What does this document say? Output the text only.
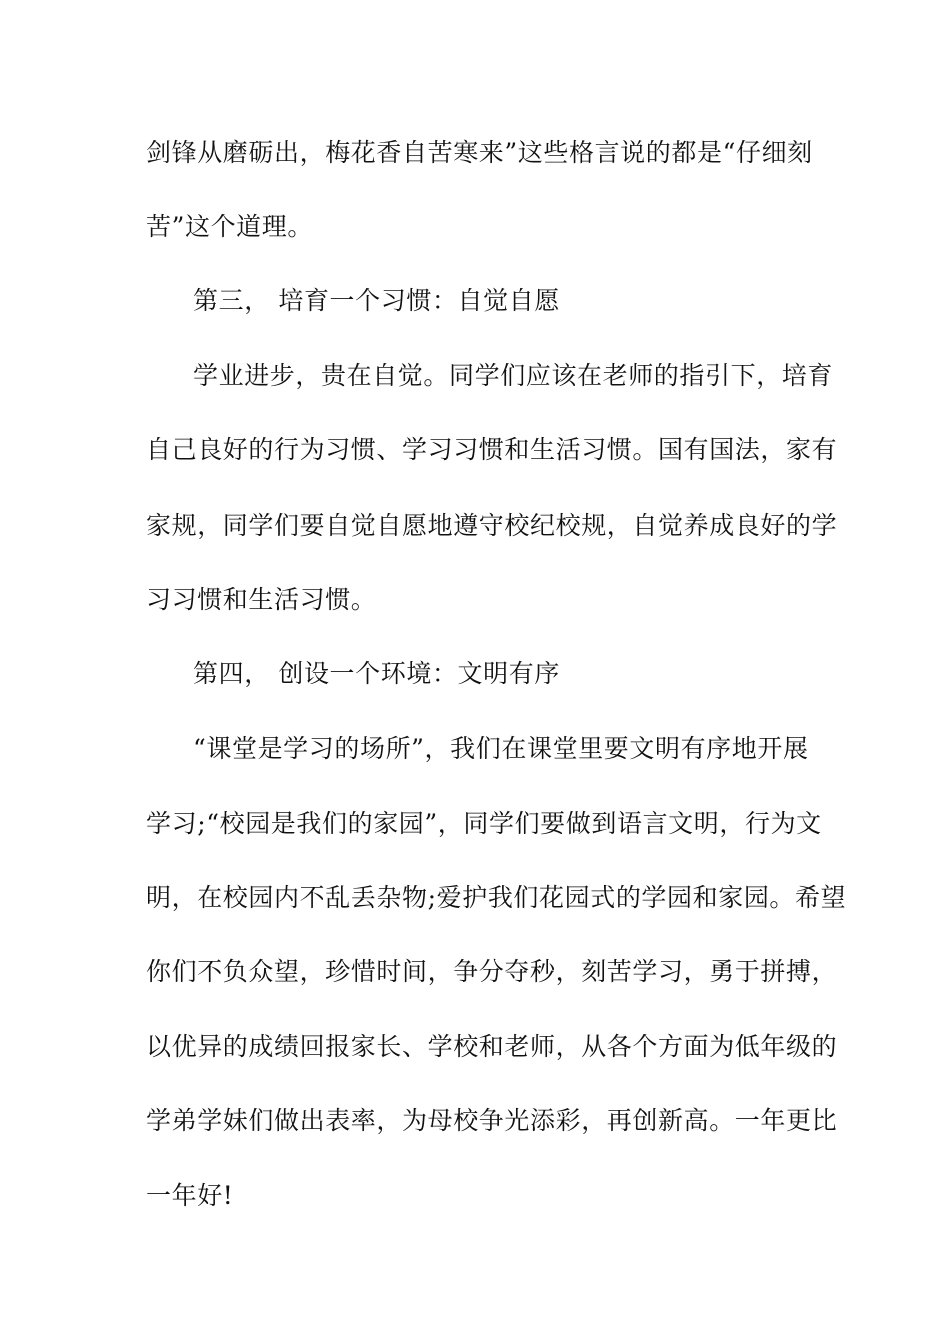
剑锋从磨砺出，梅花香自苦寒来”这些格言说的都是“仔细刻
苦”这个道理。
第三， 培育一个习惯：自觉自愿
学业进步，贵在自觉。同学们应该在老师的指引下，培育
自己良好的行为习惯、学习习惯和生活习惯。国有国法，家有
家规，同学们要自觉自愿地遵守校纪校规，自觉养成良好的学
习习惯和生活习惯。
第四， 创设一个环境：文明有序
“课堂是学习的场所”，我们在课堂里要文明有序地开展
学习;“校园是我们的家园”，同学们要做到语言文明，行为文
明，在校园内不乱丢杂物;爱护我们花园式的学园和家园。希望
你们不负众望，珍惜时间，争分夺秒，刻苦学习，勇于拼搏，
以优异的成绩回报家长、学校和老师，从各个方面为低年级的
学弟学妹们做出表率，为母校争光添彩，再创新高。一年更比
一年好!
